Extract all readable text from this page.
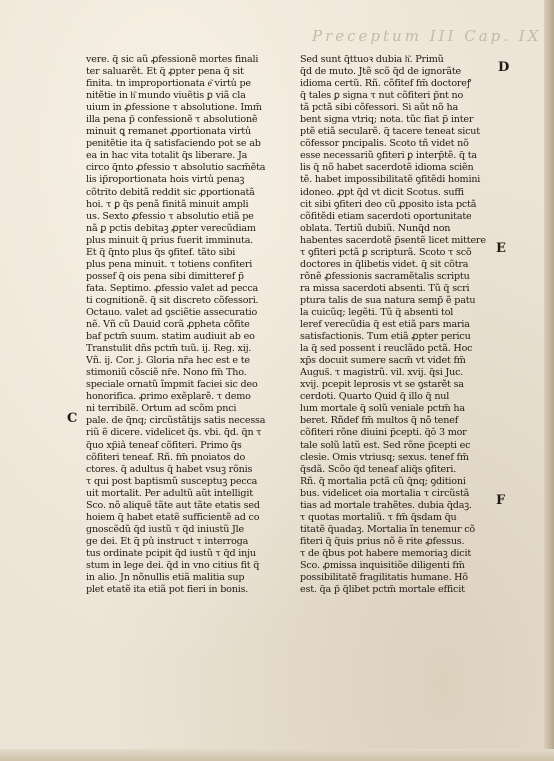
Preceptum III Cap. IX
C
D
E
F
vere. q̃ sic aũ ꝓfessionẽ mortes finali
ter saluarẽt. Et q̃ ꝓpter pena q̃ sit
finita. t̃n improportionata e͂ virtu̾ pe
nitẽtie in h͂ mundo viuẽtis ꝑ viã cla
uium in ꝓfessione τ absolutione. Imm̃
illa pena p̃ confessionẽ τ absolutionẽ
minuit ꝗ remanet ꝓportionata virtu̾
penitẽtie ita q̃ satisfaciendo pot̃ se ab
ea in hac vita totalit̃ q̃s liberare. Ja
circo q̃nto ꝓfessio τ absolutio sacm̃ẽta
lis ip̃roportionata hois virtu̾ penaꝫ
cõtrito debitã reddit sic ꝓportionatã
hoi. τ ꝑ q̃s penã finitã minuit ampli
us. Sexto ꝓfessio τ absolutio etiã pe
nã ꝑ pctis debitaꝫ ꝓpter verecũdiam
plus minuit q̃ prius fuerit imminuta.
Et q̃ q̃nto plus q̃s ꝯfitef. tãto sibi
plus pena minuit. τ totiens confiteri
possef q̃ ois pena sibi dimitteref p̃
fata. Septimo. ꝓfessio valet ad pecca
ti cognitionẽ. q̃ sit discreto cõfessori.
Octauo. valet ad ꝯsciẽtie assecuratio
nẽ. Vñ cũ Dauid corã ꝓpheta cõfite
baf pctm̃ suum. statim audiuit ab eo
Transtulit dñs pctm̃ tuũ. ij. Reg. xij.
Vñ. ij. Cor. j. Gloria nr̃a hec est e te
stimoniũ cõsciẽ nr̃e. Nono fm̃ Tho.
speciale ornatũ ĩmpmit faciei sic deo
honorifica. ꝓrimo exẽplarẽ. τ demo
ni terribilẽ. Ortum ad scõm pnci
pale. de q̃nq; circũstãtijs satis necessa
riũ ẽ dicere. videlicet q̃s. vbi. q̃d. q̃n τ
q̃uo xp̃ia̾ teneaf cõfiteri. Primo q̃s
cõfiteri teneaf. Rñ. fm̃ pnoiatos do
ctores. q̃ adultus q̃ habet vsuꝫ rõnis
τ qui post baptismũ susceptuꝫ pecca
uit mortalit̃. Per adultũ aũt intelligit̃
Sco. nõ aliquẽ tãte aut tãte etatis sed
hoiem q̃ habet etatẽ sufficientẽ ad co
gnoscẽdũ q̃d iustũ τ q̃d iniustũ Jle
ge dei. Et q̃ pu̾ instruct̃ τ interroga
tus ordinate pcipit q̃d iustũ τ q̃d inju
stum in lege dei. q̃d in vno citius fit q̃
in alio. Jn nõnullis etiã malitia sup
plet etatẽ ita etiã pot̃ fieri in bonis.
Sed sunt q̃ttuoꝛ dubia h͂. Primũ
q̃d de muto. Jtẽ scõ q̃d de ignorãte
idioma certũ. Rñ. cõfitef fm̃ doctoreꝭ
q̃ tales ꝑ signa τ nut̃ cõfiteri p̃nt no
tã pctã sibi cõfessori. Si aũt nõ ha
bent signa vtriq; nota. tũc fiat p̃ inter
ptẽ etiã secularẽ. q̃ tacere teneat sicut
cõfessor pncipalis. Scoto tñ videt nõ
esse necessariũ ꝯfiteri ꝑ interp̃tẽ. q̃ ta
lis q̃ nõ habet sacerdotẽ idioma sciẽn
tẽ. habet impossibilitatẽ ꝯfitẽdi homini
idoneo. ꝓpt̃ q̃d vt dicit Scotus. suffi
cit sibi ꝯfiteri deo cũ ꝓposito ista pctã
cõfitẽdi etiam sacerdoti oportunitate
oblata. Tertiũ dubiũ. Nunq̃d non
habentes sacerdotẽ p̃sentẽ licet mittere
τ ꝯfiteri pctã ꝑ scripturã. Scoto τ scõ
doctores in q̃libet̃is videt̃. q̃ sit cõtra
rõnẽ ꝓfessionis sacramẽtalis scriptu
ra missa sacerdoti absenti. Tũ q̃ scri
ptura talis de sua natura semp̃ ẽ patu
la cuicũq; legẽti. Tũ q̃ absenti tol
leref verecũdia q̃ est etiã pars maria
satisfactionis. Tum etiã ꝓpter pericu
la q̃ sed possent i reuclãdo pctã. Hoc
xp̃s docuit sumere sacm̃ vt videt̃ fm̃
Augus̃. τ magistrũ. vil. xvij. q̃si Juc.
xvij. pcepit leprosis vt se ꝯstarẽt sa
cerdoti. Quarto Quid q̃ illo q̃ nul
lum mortale q̃ solũ veniale pctm̃ ha
beret. Rñdef fm̃ multos q̃ nõ tenef
cõfiteri rõne diuini p̃cepti. q̃ŏ 3 mor
tale solũ latũ est. Sed rõne p̃cepti ec
clesie. Omis vtriusq; sexus. tenef fm̃
q̃sdã. Scõo q̃d teneaf aliq̃s ꝯfiteri.
Rñ. q̃ mortalia pctã cũ q̃nq; ꝯditioni
bus. videlicet oia mortalia τ circũstã
tias ad mortale trahẽtes. dubia q̃daꝫ.
τ quotas mortaliũ. τ fm̃ q̃sdam q̃u
titatẽ q̃uadaꝫ. Mortalia ĩn tenemur cõ
fiteri q̃ q̃uis prius nõ ẽ rite ꝓfessus.
τ de q̃bus pot̃ habere memoriaꝫ dicit
Sco. ꝓmissa inquisitiõe diligenti fm̃
possibilitatẽ fragilitatis humane. Hõ
est. q̃a p̃ q̃libet pctm̃ mortale efficit
